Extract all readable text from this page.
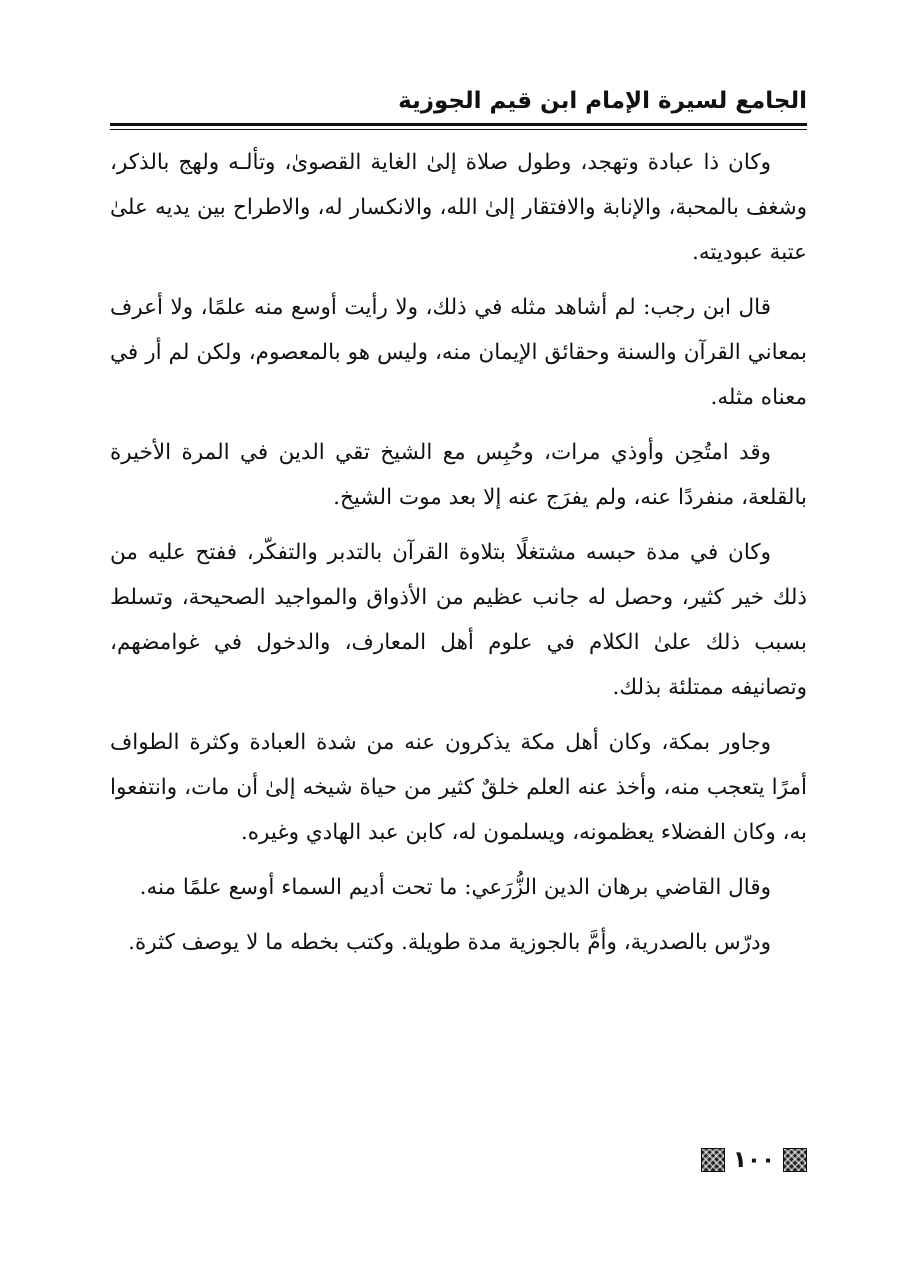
الجامع لسيرة الإمام ابن قيم الجوزية

وكان ذا عبادة وتهجد، وطول صلاة إلىٰ الغاية القصوىٰ، وتألـه ولهج بالذكر، وشغف بالمحبة، والإنابة والافتقار إلىٰ الله، والانكسار له، والاطراح بين يديه علىٰ عتبة عبوديته.

قال ابن رجب: لم أشاهد مثله في ذلك، ولا رأيت أوسع منه علمًا، ولا أعرف بمعاني القرآن والسنة وحقائق الإيمان منه، وليس هو بالمعصوم، ولكن لم أر في معناه مثله.

وقد امتُحِن وأوذي مرات، وحُبِس مع الشيخ تقي الدين في المرة الأخيرة بالقلعة، منفردًا عنه، ولم يفرَج عنه إلا بعد موت الشيخ.

وكان في مدة حبسه مشتغلًا بتلاوة القرآن بالتدبر والتفكّر، ففتح عليه من ذلك خير كثير، وحصل له جانب عظيم من الأذواق والمواجيد الصحيحة، وتسلط بسبب ذلك علىٰ الكلام في علوم أهل المعارف، والدخول في غوامضهم، وتصانيفه ممتلئة بذلك.

وجاور بمكة، وكان أهل مكة يذكرون عنه من شدة العبادة وكثرة الطواف أمرًا يتعجب منه، وأخذ عنه العلم خلقٌ كثير من حياة شيخه إلىٰ أن مات، وانتفعوا به، وكان الفضلاء يعظمونه، ويسلمون له، كابن عبد الهادي وغيره.

وقال القاضي برهان الدين الزُّرَعي: ما تحت أديم السماء أوسع علمًا منه.

ودرّس بالصدرية، وأمَّ بالجوزية مدة طويلة. وكتب بخطه ما لا يوصف كثرة.

١٠٠
